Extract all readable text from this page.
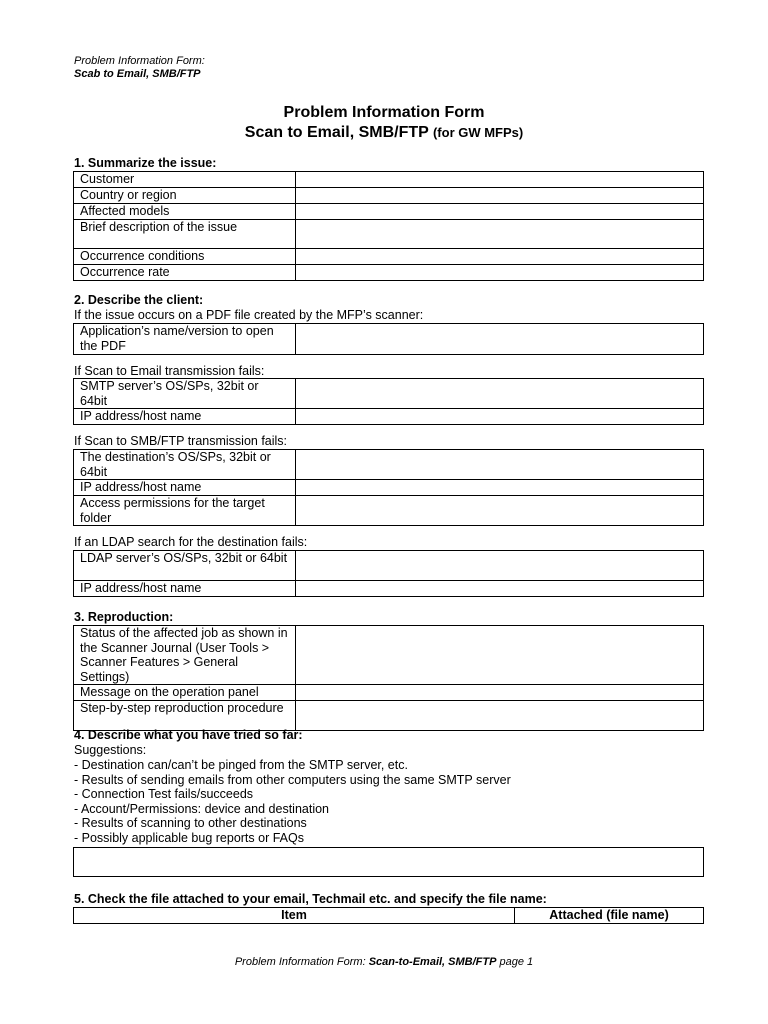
Problem Information Form:
Scab to Email, SMB/FTP
Problem Information Form
Scan to Email, SMB/FTP (for GW MFPs)
1. Summarize the issue:
Customer	
Country or region	
Affected models	
Brief description of the issue	
Occurrence conditions	
Occurrence rate	
2. Describe the client:
If the issue occurs on a PDF file created by the MFP’s scanner:
Application’s name/version to open the PDF	
If Scan to Email transmission fails:
SMTP server’s OS/SPs, 32bit or 64bit	
IP address/host name	
If Scan to SMB/FTP transmission fails:
The destination’s OS/SPs, 32bit or 64bit	
IP address/host name	
Access permissions for the target folder	
If an LDAP search for the destination fails:
LDAP server’s OS/SPs, 32bit or 64bit	
IP address/host name	
3. Reproduction:
Status of the affected job as shown in the Scanner Journal (User Tools > Scanner Features > General Settings)	
Message on the operation panel	
Step-by-step reproduction procedure	
4. Describe what you have tried so far:
Suggestions:
- Destination can/can’t be pinged from the SMTP server, etc.
- Results of sending emails from other computers using the same SMTP server
- Connection Test fails/succeeds
- Account/Permissions: device and destination
- Results of scanning to other destinations
- Possibly applicable bug reports or FAQs
5. Check the file attached to your email, Techmail etc. and specify the file name:
Item	Attached (file name)
Problem Information Form: Scan-to-Email, SMB/FTP page 1
